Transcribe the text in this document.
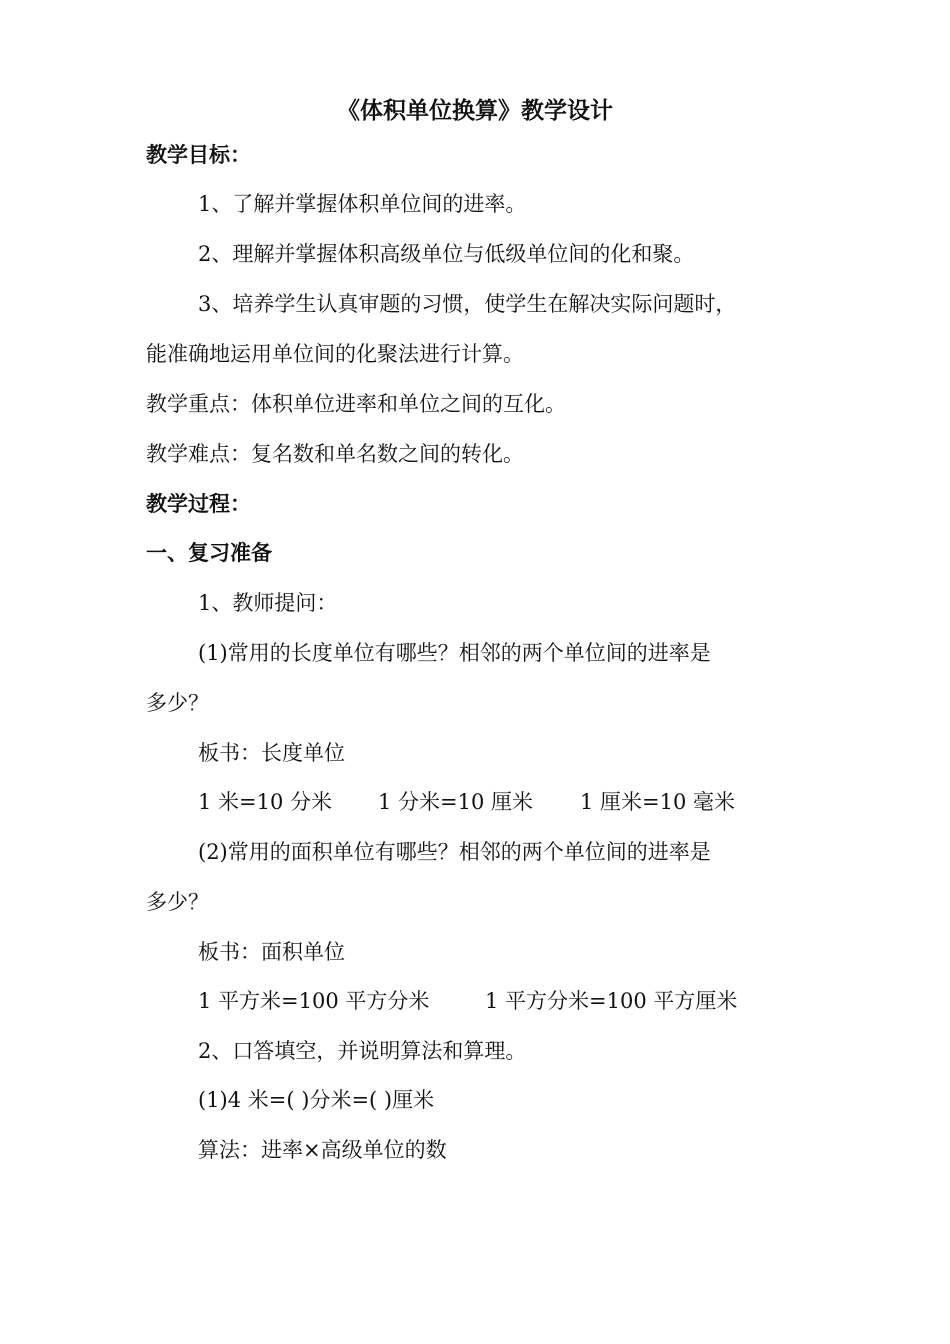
《体积单位换算》教学设计
教学目标：
1、了解并掌握体积单位间的进率。
2、理解并掌握体积高级单位与低级单位间的化和聚。
3、培养学生认真审题的习惯，使学生在解决实际问题时，
能准确地运用单位间的化聚法进行计算。
教学重点：体积单位进率和单位之间的互化。
教学难点：复名数和单名数之间的转化。
教学过程：
一、复习准备
1、教师提问：
(1)常用的长度单位有哪些？相邻的两个单位间的进率是
多少？
板书：长度单位
1 米=10 分米 1 分米=10 厘米 1 厘米=10 毫米
(2)常用的面积单位有哪些？相邻的两个单位间的进率是
多少？
板书：面积单位
1 平方米=100 平方分米	1 平方分米=100 平方厘米
2、口答填空，并说明算法和算理。
(1)4 米=( )分米=( )厘米
算法：进率×高级单位的数
